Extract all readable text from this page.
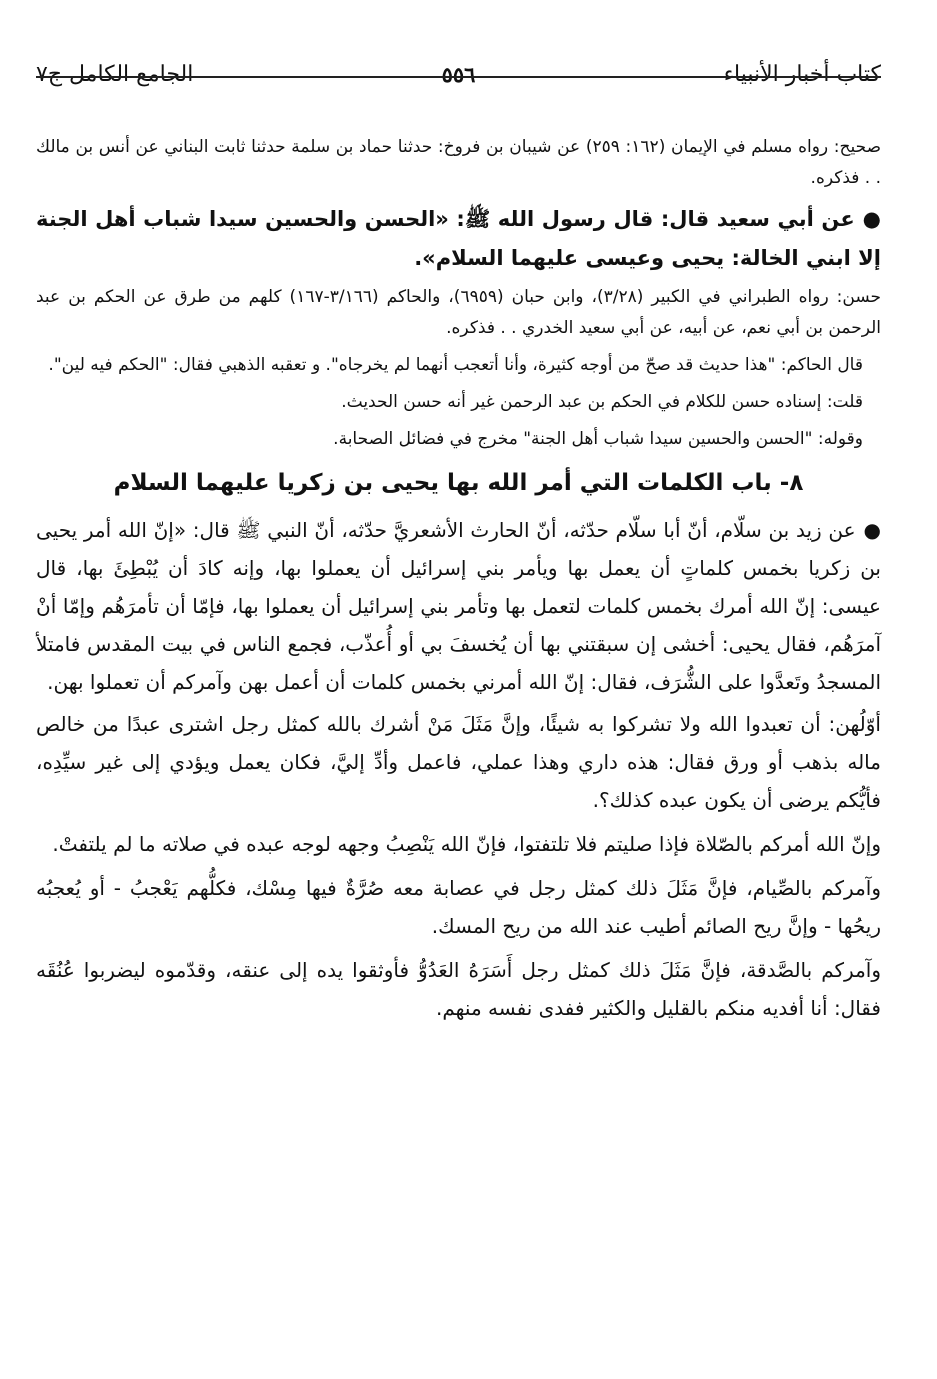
كتاب أخبار الأنبياء
٥٥٦
الجامع الكامل ج٧

صحيح: رواه مسلم في الإيمان (١٦٢: ٢٥٩) عن شيبان بن فروخ: حدثنا حماد بن سلمة حدثنا ثابت البناني عن أنس بن مالك . . فذكره.

●عن أبي سعيد قال: قال رسول الله ﷺ: «الحسن والحسين سيدا شباب أهل الجنة إلا ابني الخالة: يحيى وعيسى عليهما السلام».

حسن: رواه الطبراني في الكبير (٣/٢٨)، وابن حبان (٦٩٥٩)، والحاكم (٣/١٦٦-١٦٧) كلهم من طرق عن الحكم بن عبد الرحمن بن أبي نعم، عن أبيه، عن أبي سعيد الخدري . . فذكره.

قال الحاكم: "هذا حديث قد صحّ من أوجه كثيرة، وأنا أتعجب أنهما لم يخرجاه". و تعقبه الذهبي فقال: "الحكم فيه لين".

قلت: إسناده حسن للكلام في الحكم بن عبد الرحمن غير أنه حسن الحديث.

وقوله: "الحسن والحسين سيدا شباب أهل الجنة" مخرج في فضائل الصحابة.

٨- باب الكلمات التي أمر الله بها يحيى بن زكريا عليهما السلام

●عن زيد بن سلّام، أنّ أبا سلّام حدّثه، أنّ الحارث الأشعريَّ حدّثه، أنّ النبي ﷺ قال: «إنّ الله أمر يحيى بن زكريا بخمس كلماتٍ أن يعمل بها ويأمر بني إسرائيل أن يعملوا بها، وإنه كادَ أن يُبْطِئَ بها، قال عيسى: إنّ الله أمرك بخمس كلمات لتعمل بها وتأمر بني إسرائيل أن يعملوا بها، فإمّا أن تأمرَهُم وإمّا أنْ آمرَهُم، فقال يحيى: أخشى إن سبقتني بها أن يُخسفَ بي أو أُعذّب، فجمع الناس في بيت المقدس فامتلأ المسجدُ وتَعدَّوا على الشُّرَف، فقال: إنّ الله أمرني بخمس كلمات أن أعمل بهن وآمركم أن تعملوا بهن.

أوّلُهن: أن تعبدوا الله ولا تشركوا به شيئًا، وإنَّ مَثَلَ مَنْ أشرك بالله كمثل رجل اشترى عبدًا من خالص ماله بذهب أو ورق فقال: هذه داري وهذا عملي، فاعمل وأدِّ إليَّ، فكان يعمل ويؤدي إلى غير سيِّدِه، فأيُّكم يرضى أن يكون عبده كذلك؟.

وإنّ الله أمركم بالصّلاة فإذا صليتم فلا تلتفتوا، فإنّ الله يَنْصِبُ وجهه لوجه عبده في صلاته ما لم يلتفتْ.

وآمركم بالصِّيام، فإنَّ مَثَلَ ذلك كمثل رجل في عصابة معه صُرَّةٌ فيها مِسْك، فكلُّهم يَعْجبُ - أو يُعجبُه ريحُها - وإنَّ ريح الصائم أطيب عند الله من ريح المسك.

وآمركم بالصَّدقة، فإنَّ مَثَلَ ذلك كمثل رجل أَسَرَهُ العَدُوُّ فأوثقوا يده إلى عنقه، وقدّموه ليضربوا عُنُقَه فقال: أنا أفديه منكم بالقليل والكثير ففدى نفسه منهم.
